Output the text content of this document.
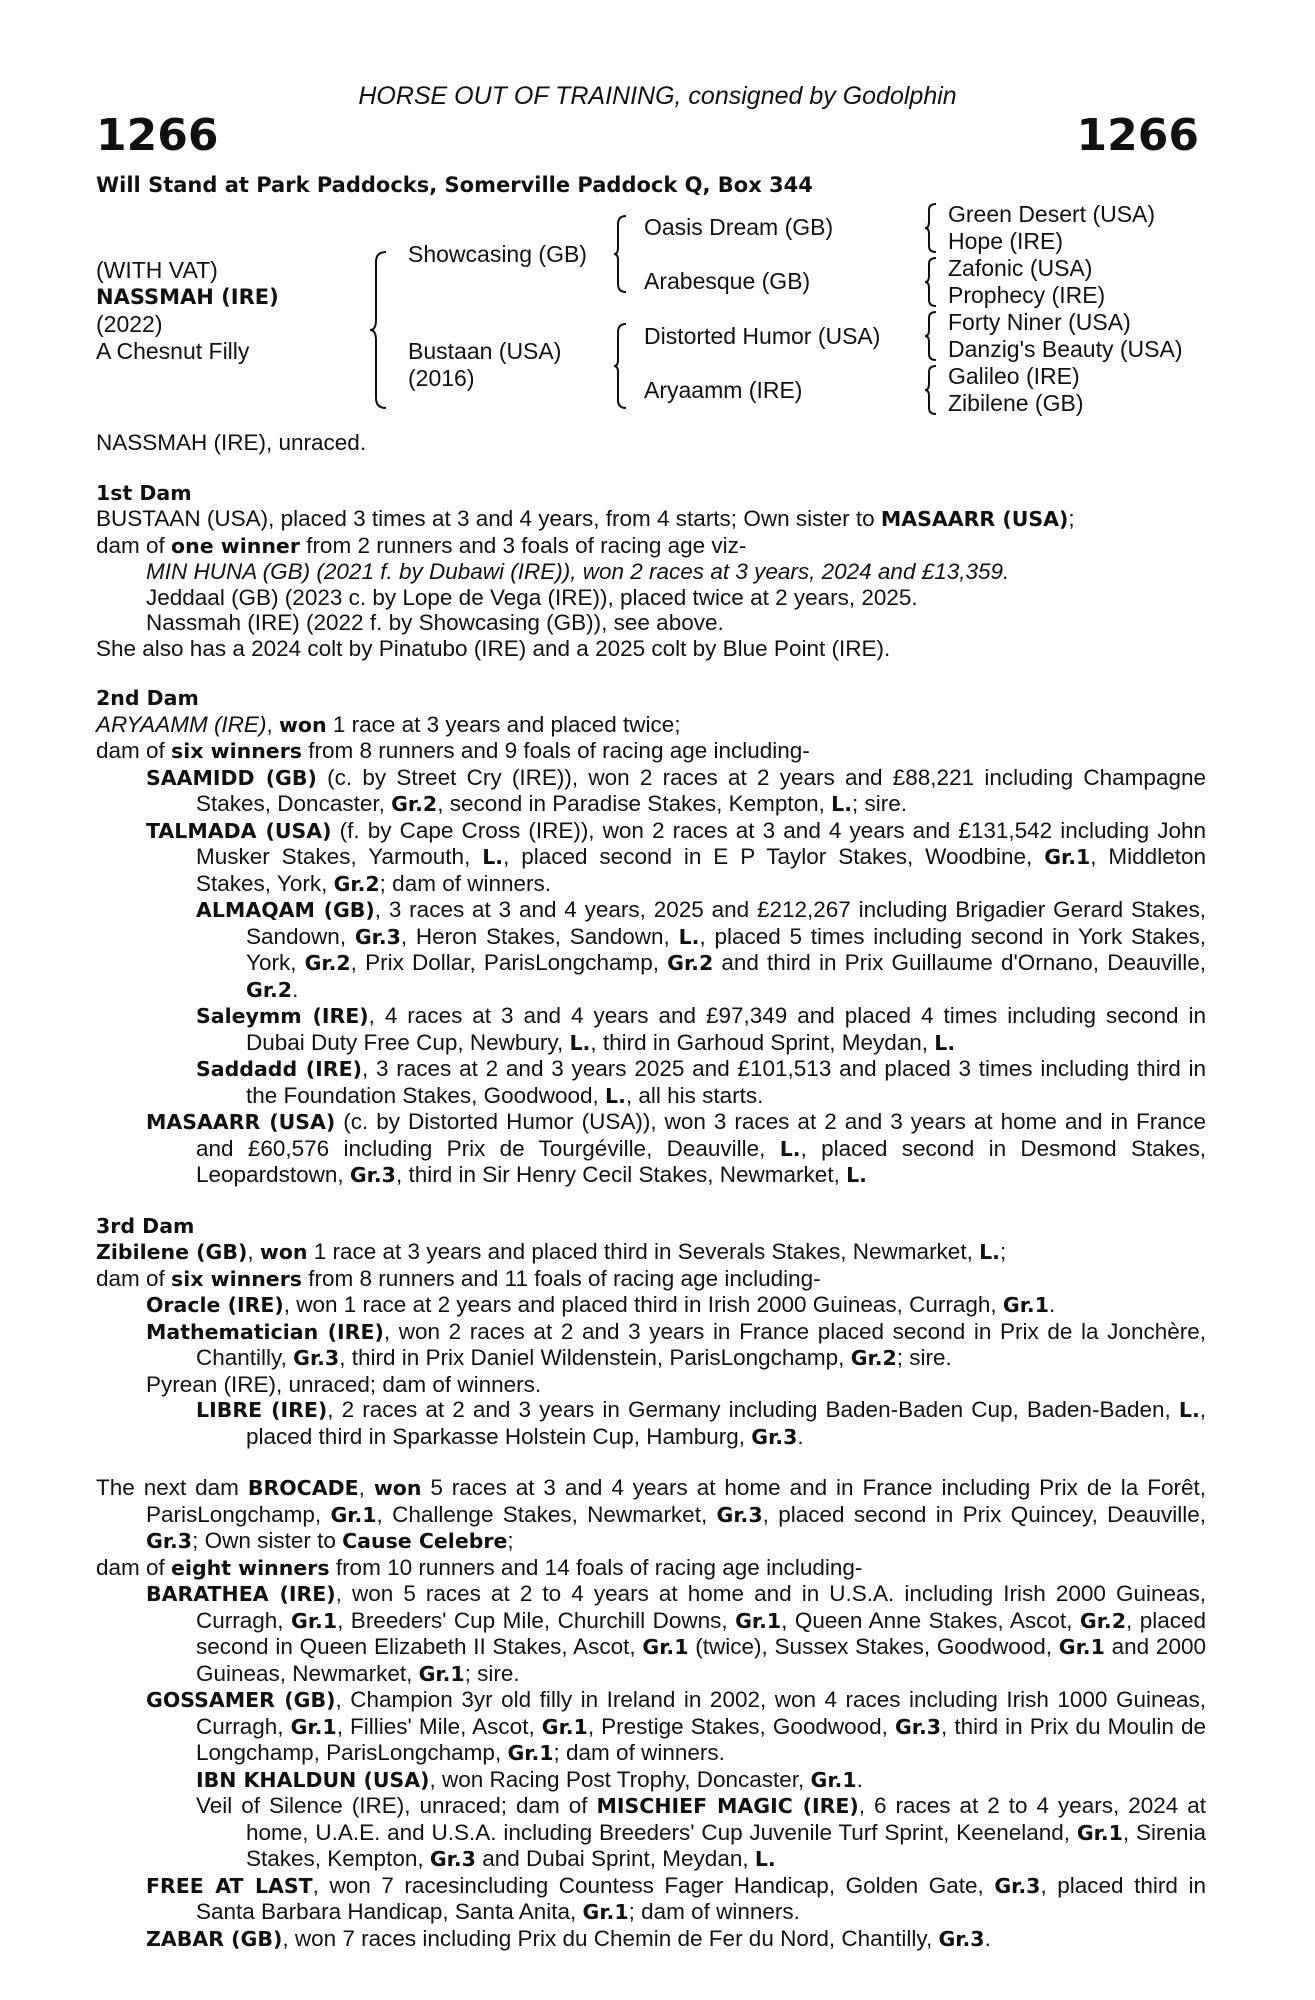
HORSE OUT OF TRAINING, consigned by Godolphin
1266	1266
Will Stand at Park Paddocks, Somerville Paddock Q, Box 344
(WITH VAT)
NASSMAH (IRE)
(2022)
A Chesnut Filly
Showcasing (GB)
Bustaan (USA)
(2016)
Oasis Dream (GB)
Arabesque (GB)
Distorted Humor (USA)
Aryaamm (IRE)
Green Desert (USA)
Hope (IRE)
Zafonic (USA)
Prophecy (IRE)
Forty Niner (USA)
Danzig's Beauty (USA)
Galileo (IRE)
Zibilene (GB)

NASSMAH (IRE), unraced.

1st Dam

BUSTAAN (USA), placed 3 times at 3 and 4 years, from 4 starts; Own sister to MASAARR (USA);

dam of one winner from 2 runners and 3 foals of racing age viz-

MIN HUNA (GB) (2021 f. by Dubawi (IRE)), won 2 races at 3 years, 2024 and £13,359.

Jeddaal (GB) (2023 c. by Lope de Vega (IRE)), placed twice at 2 years, 2025.

Nassmah (IRE) (2022 f. by Showcasing (GB)), see above.

She also has a 2024 colt by Pinatubo (IRE) and a 2025 colt by Blue Point (IRE).

2nd Dam

ARYAAMM (IRE), won 1 race at 3 years and placed twice;

dam of six winners from 8 runners and 9 foals of racing age including-

SAAMIDD (GB) (c. by Street Cry (IRE)), won 2 races at 2 years and £88,221 including Champagne Stakes, Doncaster, Gr.2, second in Paradise Stakes, Kempton, L.; sire.

TALMADA (USA) (f. by Cape Cross (IRE)), won 2 races at 3 and 4 years and £131,542 including John Musker Stakes, Yarmouth, L., placed second in E P Taylor Stakes, Woodbine, Gr.1, Middleton Stakes, York, Gr.2; dam of winners.

ALMAQAM (GB), 3 races at 3 and 4 years, 2025 and £212,267 including Brigadier Gerard Stakes, Sandown, Gr.3, Heron Stakes, Sandown, L., placed 5 times including second in York Stakes, York, Gr.2, Prix Dollar, ParisLongchamp, Gr.2 and third in Prix Guillaume d'Ornano, Deauville, Gr.2.

Saleymm (IRE), 4 races at 3 and 4 years and £97,349 and placed 4 times including second in Dubai Duty Free Cup, Newbury, L., third in Garhoud Sprint, Meydan, L.

Saddadd (IRE), 3 races at 2 and 3 years 2025 and £101,513 and placed 3 times including third in the Foundation Stakes, Goodwood, L., all his starts.

MASAARR (USA) (c. by Distorted Humor (USA)), won 3 races at 2 and 3 years at home and in France and £60,576 including Prix de Tourgéville, Deauville, L., placed second in Desmond Stakes, Leopardstown, Gr.3, third in Sir Henry Cecil Stakes, Newmarket, L.

3rd Dam

Zibilene (GB), won 1 race at 3 years and placed third in Severals Stakes, Newmarket, L.;

dam of six winners from 8 runners and 11 foals of racing age including-

Oracle (IRE), won 1 race at 2 years and placed third in Irish 2000 Guineas, Curragh, Gr.1.

Mathematician (IRE), won 2 races at 2 and 3 years in France placed second in Prix de la Jonchère, Chantilly, Gr.3, third in Prix Daniel Wildenstein, ParisLongchamp, Gr.2; sire.

Pyrean (IRE), unraced; dam of winners.

LIBRE (IRE), 2 races at 2 and 3 years in Germany including Baden-Baden Cup, Baden-Baden, L., placed third in Sparkasse Holstein Cup, Hamburg, Gr.3.

The next dam BROCADE, won 5 races at 3 and 4 years at home and in France including Prix de la Forêt, ParisLongchamp, Gr.1, Challenge Stakes, Newmarket, Gr.3, placed second in Prix Quincey, Deauville, Gr.3; Own sister to Cause Celebre;

dam of eight winners from 10 runners and 14 foals of racing age including-

BARATHEA (IRE), won 5 races at 2 to 4 years at home and in U.S.A. including Irish 2000 Guineas, Curragh, Gr.1, Breeders' Cup Mile, Churchill Downs, Gr.1, Queen Anne Stakes, Ascot, Gr.2, placed second in Queen Elizabeth II Stakes, Ascot, Gr.1 (twice), Sussex Stakes, Goodwood, Gr.1 and 2000 Guineas, Newmarket, Gr.1; sire.

GOSSAMER (GB), Champion 3yr old filly in Ireland in 2002, won 4 races including Irish 1000 Guineas, Curragh, Gr.1, Fillies' Mile, Ascot, Gr.1, Prestige Stakes, Goodwood, Gr.3, third in Prix du Moulin de Longchamp, ParisLongchamp, Gr.1; dam of winners.

IBN KHALDUN (USA), won Racing Post Trophy, Doncaster, Gr.1.

Veil of Silence (IRE), unraced; dam of MISCHIEF MAGIC (IRE), 6 races at 2 to 4 years, 2024 at home, U.A.E. and U.S.A. including Breeders' Cup Juvenile Turf Sprint, Keeneland, Gr.1, Sirenia Stakes, Kempton, Gr.3 and Dubai Sprint, Meydan, L.

FREE AT LAST, won 7 racesincluding Countess Fager Handicap, Golden Gate, Gr.3, placed third in Santa Barbara Handicap, Santa Anita, Gr.1; dam of winners.

ZABAR (GB), won 7 races including Prix du Chemin de Fer du Nord, Chantilly, Gr.3.
